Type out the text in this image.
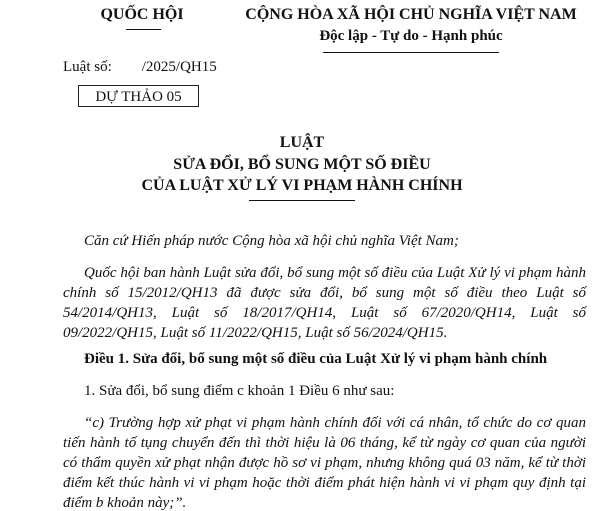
QUỐC HỘI	CỘNG HÒA XÃ HỘI CHỦ NGHĨA VIỆT NAM
Độc lập - Tự do - Hạnh phúc
Luật số:        /2025/QH15
DỰ THẢO 05
LUẬT
SỬA ĐỔI, BỔ SUNG MỘT SỐ ĐIỀU
CỦA LUẬT XỬ LÝ VI PHẠM HÀNH CHÍNH
Căn cứ Hiến pháp nước Cộng hòa xã hội chủ nghĩa Việt Nam;
Quốc hội ban hành Luật sửa đổi, bổ sung một số điều của Luật Xử lý vi phạm hành chính số 15/2012/QH13 đã được sửa đổi, bổ sung một số điều theo Luật số 54/2014/QH13, Luật số 18/2017/QH14, Luật số 67/2020/QH14, Luật số 09/2022/QH15, Luật số 11/2022/QH15, Luật số 56/2024/QH15.
Điều 1. Sửa đổi, bổ sung một số điều của Luật Xử lý vi phạm hành chính
1. Sửa đổi, bổ sung điểm c khoản 1 Điều 6 như sau:
“c) Trường hợp xử phạt vi phạm hành chính đối với cá nhân, tổ chức do cơ quan tiến hành tố tụng chuyển đến thì thời hiệu là 06 tháng, kể từ ngày cơ quan của người có thẩm quyền xử phạt nhận được hồ sơ vi phạm, nhưng không quá 03 năm, kể từ thời điểm kết thúc hành vi vi phạm hoặc thời điểm phát hiện hành vi vi phạm quy định tại điểm b khoản này;”.
